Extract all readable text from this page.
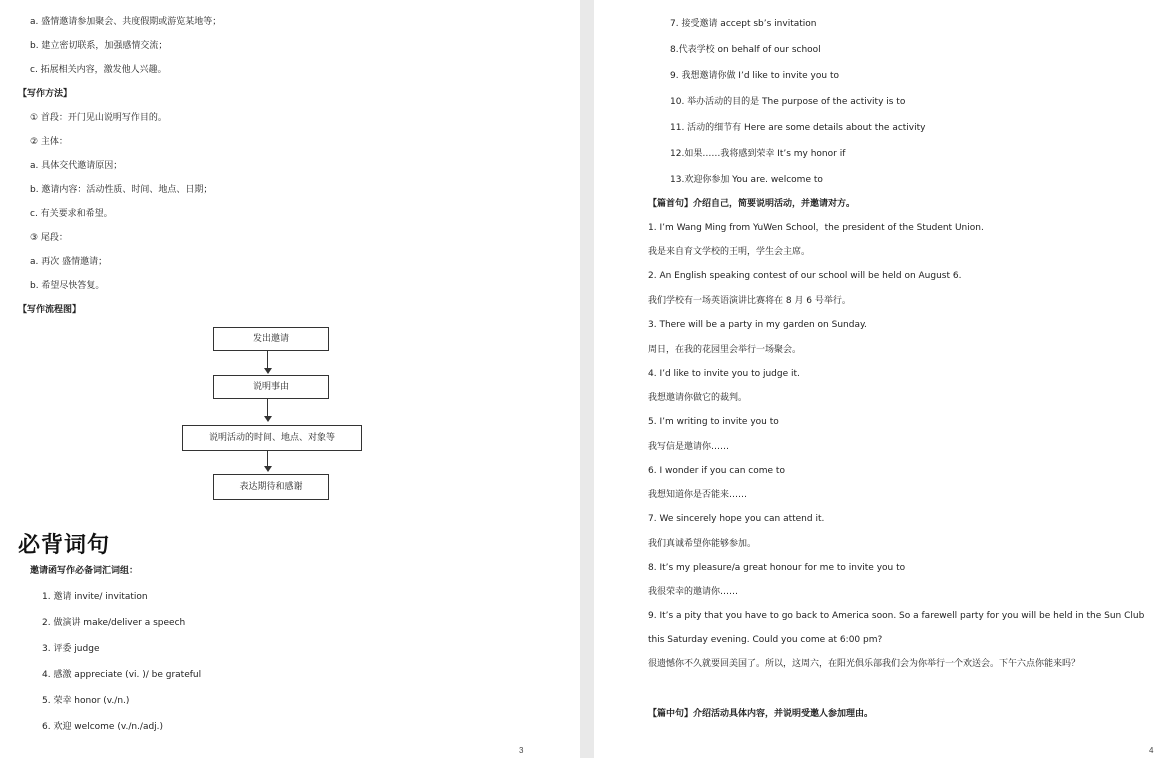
a. 盛情邀请参加聚会、共度假期或游览某地等；
b. 建立密切联系，加强感情交流；
c. 拓展相关内容，激发他人兴趣。
【写作方法】
① 首段：开门见山说明写作目的。
② 主体：
a. 具体交代邀请原因；
b. 邀请内容：活动性质、时间、地点、日期；
c. 有关要求和希望。
③ 尾段：
a. 再次 盛情邀请；
b. 希望尽快答复。
【写作流程图】
发出邀请
说明事由
说明活动的时间、地点、对象等
表达期待和感谢
必背词句
邀请函写作必备词汇词组：
1. 邀请 invite/ invitation
2. 做演讲 make/deliver a speech
3. 评委 judge
4. 感激 appreciate (vi. )/ be grateful
5. 荣幸 honor (v./n.)
6. 欢迎 welcome (v./n./adj.)
3
7. 接受邀请 accept sb’s invitation
8.代表学校 on behalf of our school
9. 我想邀请你做 I’d like to invite you to
10. 举办活动的目的是 The purpose of the activity is to
11. 活动的细节有 Here are some details about the activity
12.如果……我将感到荣幸 It’s my honor if
13.欢迎你参加 You are. welcome to
【篇首句】介绍自己，简要说明活动，并邀请对方。
1. I’m Wang Ming from YuWen School，the president of the Student Union.
我是来自育文学校的王明，学生会主席。
2. An English speaking contest of our school will be held on August 6.
我们学校有一场英语演讲比赛将在 8 月 6 号举行。
3. There will be a party in my garden on Sunday.
周日，在我的花园里会举行一场聚会。
4. I’d like to invite you to judge it.
我想邀请你做它的裁判。
5. I’m writing to invite you to
我写信是邀请你……
6. I wonder if you can come to
我想知道你是否能来……
7. We sincerely hope you can attend it.
我们真诚希望你能够参加。
8. It’s my pleasure/a great honour for me to invite you to
我很荣幸的邀请你……
9. It’s a pity that you have to go back to America soon. So a farewell party for you will be held in the Sun Club this Saturday evening. Could you come at 6:00 pm?
很遗憾你不久就要回美国了。所以，这周六，在阳光俱乐部我们会为你举行一个欢送会。下午六点你能来吗？
【篇中句】介绍活动具体内容，并说明受邀人参加理由。
4
